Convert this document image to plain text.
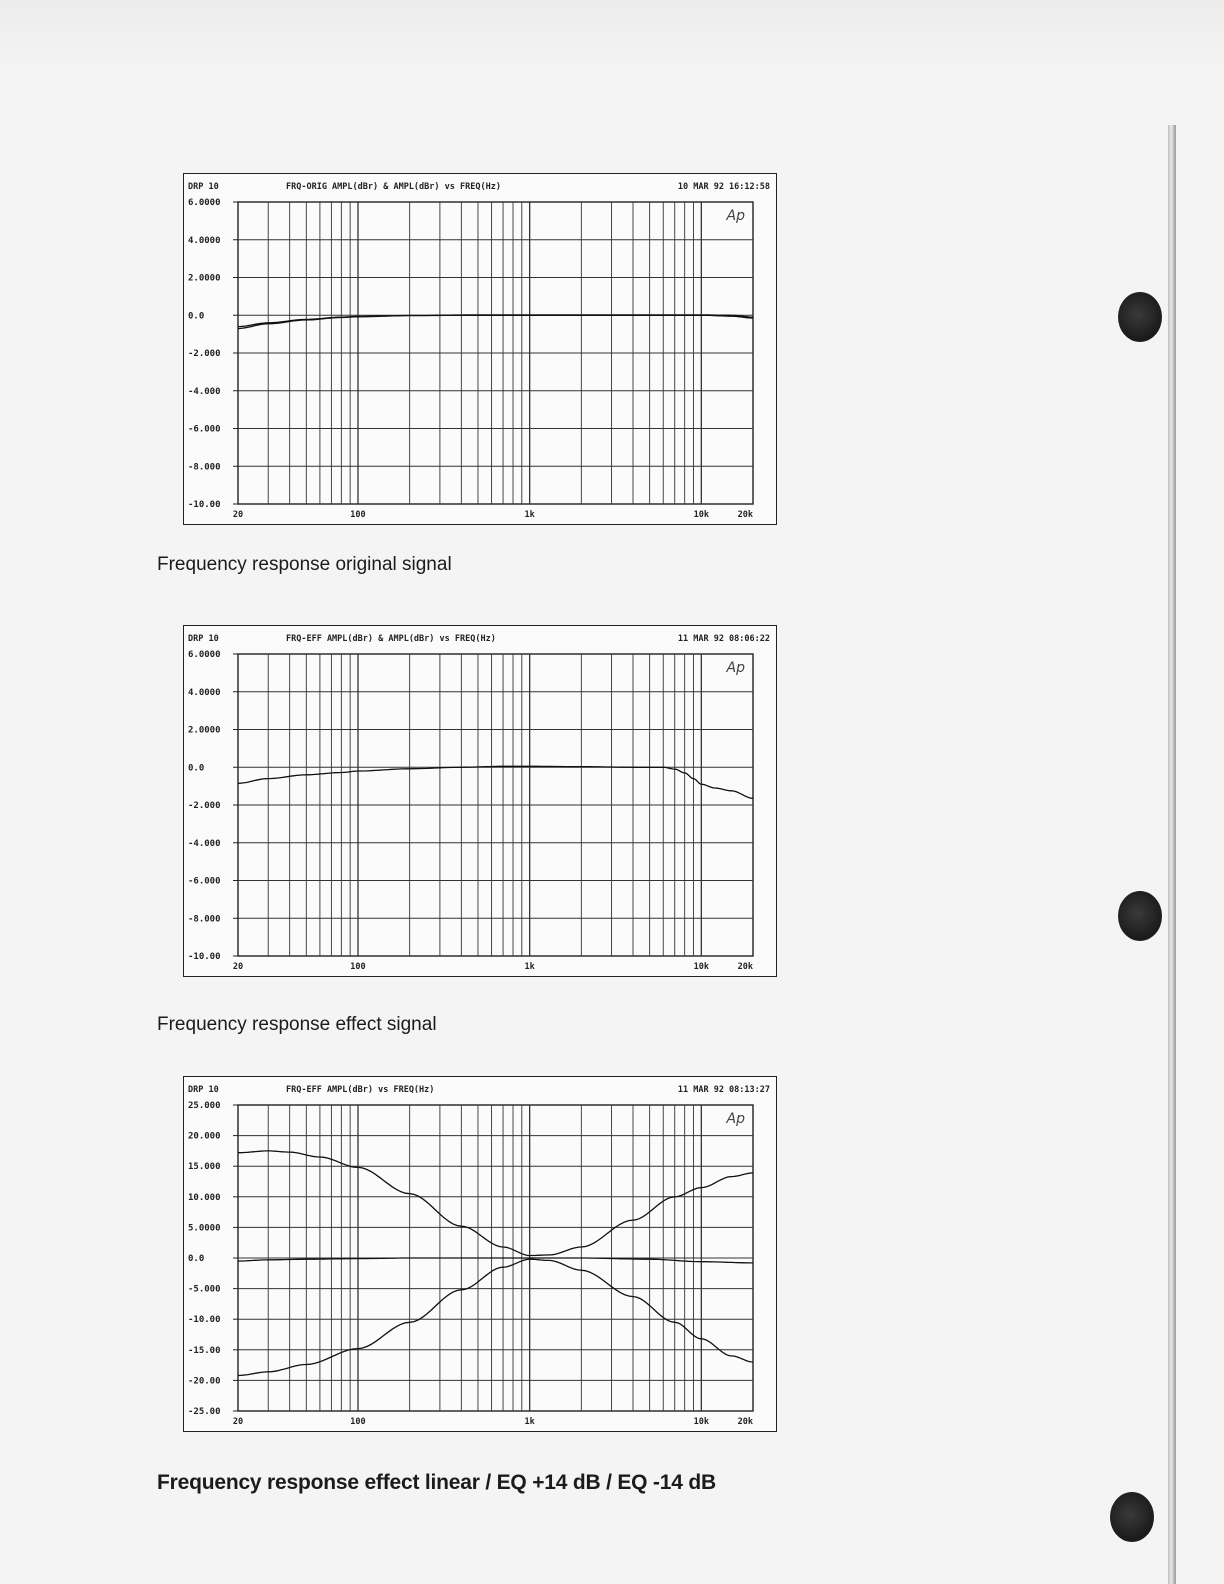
DRP 10	FRQ-ORIG AMPL(dBr) & AMPL(dBr) vs FREQ(Hz)	10 MAR 92 16:12:58
6.0000
4.0000
2.0000
0.0
-2.000
-4.000
-6.000
-8.000
-10.00
20	100	1k	10k	20k
Ap
Frequency response original signal
DRP 10	FRQ-EFF AMPL(dBr) & AMPL(dBr) vs FREQ(Hz)	11 MAR 92 08:06:22
6.0000
4.0000
2.0000
0.0
-2.000
-4.000
-6.000
-8.000
-10.00
20	100	1k	10k	20k
Ap
Frequency response effect signal
DRP 10	FRQ-EFF AMPL(dBr) vs FREQ(Hz)	11 MAR 92 08:13:27
25.000
20.000
15.000
10.000
5.0000
0.0
-5.000
-10.00
-15.00
-20.00
-25.00
20	100	1k	10k	20k
Ap
Frequency response effect linear / EQ +14 dB / EQ -14 dB
